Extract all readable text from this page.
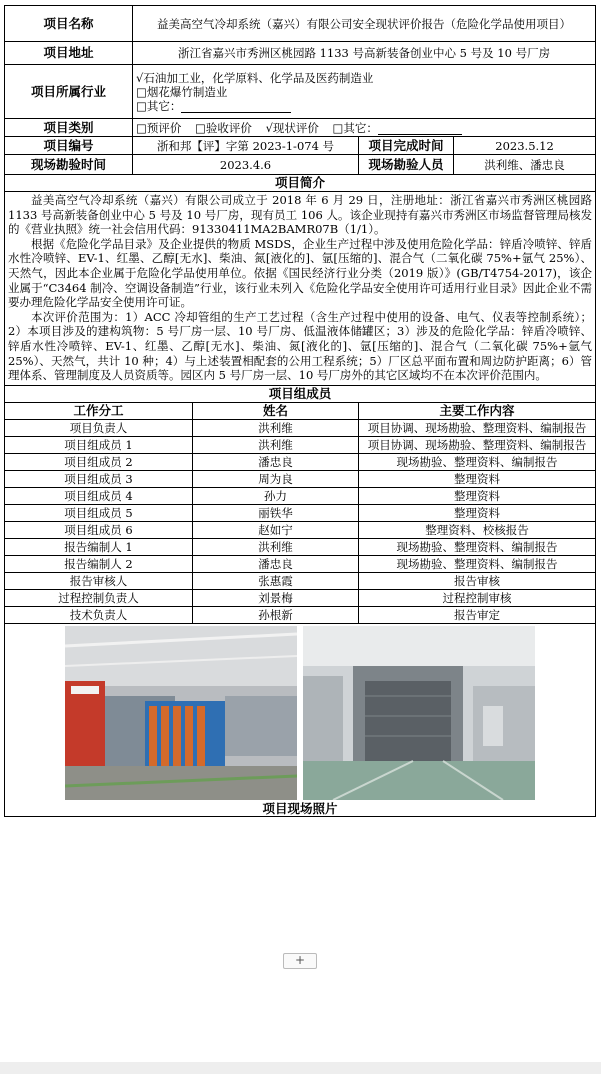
项目名称	益美高空气冷却系统（嘉兴）有限公司安全现状评价报告（危险化学品使用项目）			
项目地址	浙江省嘉兴市秀洲区桃园路 1133 号高新装备创业中心 5 号及 10 号厂房			
项目所属行业	√石油加工业，化学原料、化学品及医药制造业
□烟花爆竹制造业
□其它：			

项目类别	□预评价 □验收评价 √现状评价 □其它：			
项目编号	浙和邦【评】字第 2023-1-074 号		项目完成时间	2023.5.12
现场勘验时间	2023.4.6		现场勘验人员	洪利维、潘忠良
项目简介				

益美高空气冷却系统（嘉兴）有限公司成立于 2018 年 6 月 29 日，注册地址：浙江省嘉兴市秀洲区桃园路 1133 号高新装备创业中心 5 号及 10 号厂房，现有员工 106 人。该企业现持有嘉兴市秀洲区市场监督管理局核发的《营业执照》统一社会信用代码：91330411MA2BAMR07B（1/1）。

根据《危险化学品目录》及企业提供的物质 MSDS，企业生产过程中涉及使用危险化学品：锌盾冷喷锌、锌盾水性冷喷锌、EV-1、红墨、乙醇[无水]、柴油、氮[液化的]、氩[压缩的]、混合气（二氧化碳 75%+氩气 25%）、天然气，因此本企业属于危险化学品使用单位。依据《国民经济行业分类（2019 版）》(GB/T4754-2017)，该企业属于“C3464 制冷、空调设备制造”行业，该行业未列入《危险化学品安全使用许可适用行业目录》因此企业不需要办理危险化学品安全使用许可证。

本次评价范围为：1）ACC 冷却管组的生产工艺过程（含生产过程中使用的设备、电气、仪表等控制系统）；2）本项目涉及的建构筑物：5 号厂房一层、10 号厂房、低温液体储罐区；3）涉及的危险化学品：锌盾冷喷锌、锌盾水性冷喷锌、EV-1、红墨、乙醇[无水]、柴油、氮[液化的]、氩[压缩的]、混合气（二氧化碳 75%+氩气 25%）、天然气，共计 10 种；4）与上述装置相配套的公用工程系统；5）厂区总平面布置和周边防护距离；6）管理体系、管理制度及人员资质等。园区内 5 号厂房一层、10 号厂房外的其它区域均不在本次评价范围内。				

项目组成员				
工作分工		姓名	主要工作内容	
项目负责人		洪利维	项目协调、现场勘验、整理资料、编制报告	
项目组成员 1		洪利维	项目协调、现场勘验、整理资料、编制报告	
项目组成员 2		潘忠良	现场勘验、整理资料、编制报告	
项目组成员 3		周为良	整理资料	
项目组成员 4		孙力	整理资料	
项目组成员 5		丽铁华	整理资料	
项目组成员 6		赵如宁	整理资料、校核报告	
报告编制人 1		洪利维	现场勘验、整理资料、编制报告	
报告编制人 2		潘忠良	现场勘验、整理资料、编制报告	
报告审核人		张惠霞	报告审核	
过程控制负责人		刘景梅	过程控制审核	
技术负责人		孙根新	报告审定	

项目现场照片				
+
